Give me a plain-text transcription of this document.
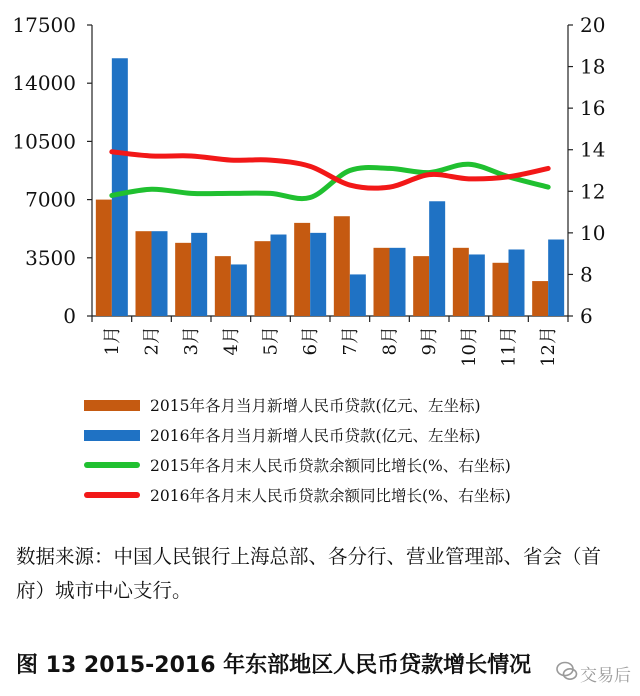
0
3500
7000
10500
14000
17500
6
8
10
12
14
16
18
20
1月 2月 3月 4月 5月 6月 7月 8月 9月 10月 11月 12月
2015年各月当月新增人民币贷款(亿元、左坐标)
2016年各月当月新增人民币贷款(亿元、左坐标)
2015年各月末人民币贷款余额同比增长(%、右坐标)
2016年各月末人民币贷款余额同比增长(%、右坐标)
数据来源：中国人民银行上海总部、各分行、营业管理部、省会（首府）城市中心支行。
图 13 2015-2016 年东部地区人民币贷款增长情况	交易后
